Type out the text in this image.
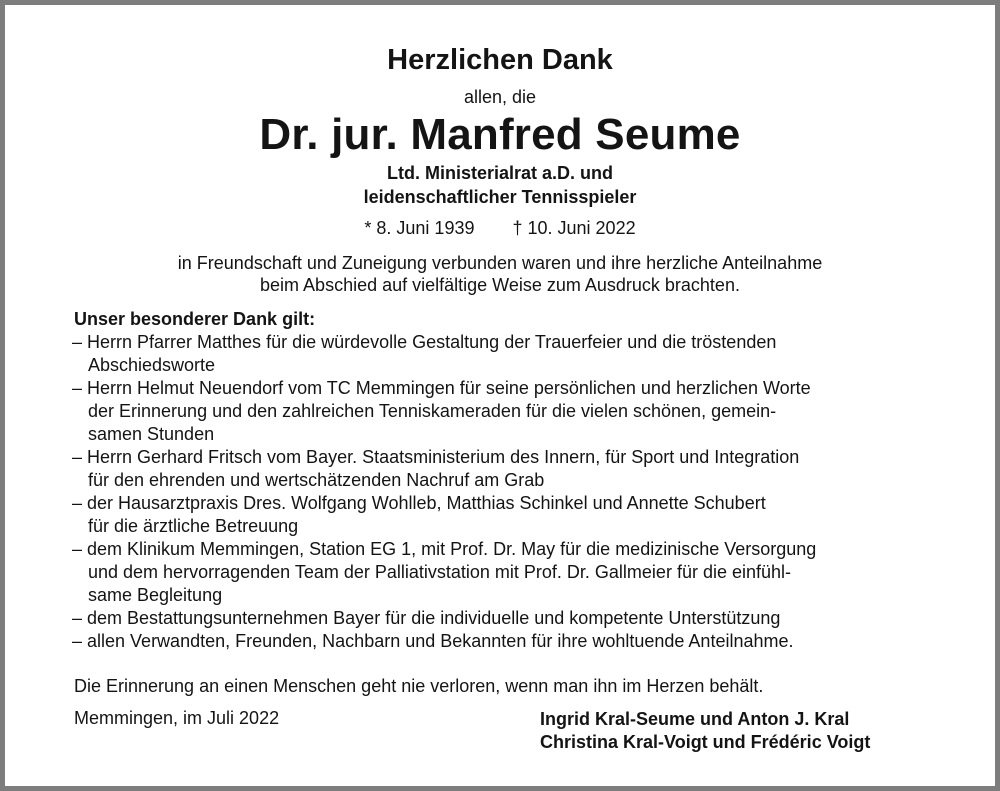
Herzlichen Dank
allen, die
Dr. jur. Manfred Seume
Ltd. Ministerialrat a.D. und
leidenschaftlicher Tennisspieler
* 8. Juni 1939 † 10. Juni 2022
in Freundschaft und Zuneigung verbunden waren und ihre herzliche Anteilnahme
beim Abschied auf vielfältige Weise zum Ausdruck brachten.
Unser besonderer Dank gilt:
– Herrn Pfarrer Matthes für die würdevolle Gestaltung der Trauerfeier und die tröstenden
Abschiedsworte
– Herrn Helmut Neuendorf vom TC Memmingen für seine persönlichen und herzlichen Worte
der Erinnerung und den zahlreichen Tenniskameraden für die vielen schönen, gemein-
samen Stunden
– Herrn Gerhard Fritsch vom Bayer. Staatsministerium des Innern, für Sport und Integration
für den ehrenden und wertschätzenden Nachruf am Grab
– der Hausarztpraxis Dres. Wolfgang Wohlleb, Matthias Schinkel und Annette Schubert
für die ärztliche Betreuung
– dem Klinikum Memmingen, Station EG 1, mit Prof. Dr. May für die medizinische Versorgung
und dem hervorragenden Team der Palliativstation mit Prof. Dr. Gallmeier für die einfühl-
same Begleitung
– dem Bestattungsunternehmen Bayer für die individuelle und kompetente Unterstützung
– allen Verwandten, Freunden, Nachbarn und Bekannten für ihre wohltuende Anteilnahme.
Die Erinnerung an einen Menschen geht nie verloren, wenn man ihn im Herzen behält.
Memmingen, im Juli 2022	Ingrid Kral-Seume und Anton J. Kral
Christina Kral-Voigt und Frédéric Voigt
